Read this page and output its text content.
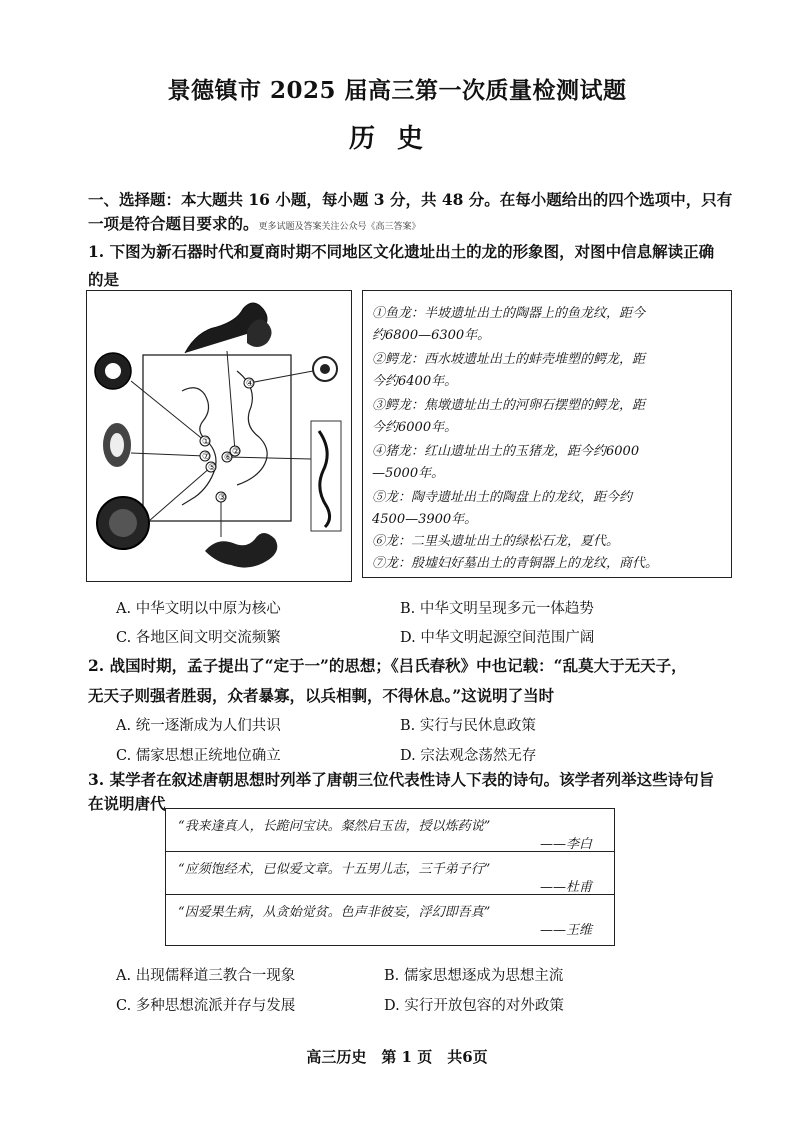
景德镇市 2025 届高三第一次质量检测试题
历史
一、选择题：本大题共 16 小题，每小题 3 分，共 48 分。在每小题给出的四个选项中，只有
一项是符合题目要求的。更多试题及答案关注公众号《高三答案》
1. 下图为新石器时代和夏商时期不同地区文化遗址出土的龙的形象图，对图中信息解读正确
的是
①
②
③
④
⑤
⑥
⑦
①鱼龙：半坡遗址出土的陶器上的鱼龙纹，距今
约6800—6300年。
②鳄龙：西水坡遗址出土的蚌壳堆塑的鳄龙，距
今约6400年。
③鳄龙：焦墩遗址出土的河卵石摆塑的鳄龙，距
今约6000年。
④猪龙：红山遗址出土的玉猪龙，距今约6000
—5000年。
⑤龙：陶寺遗址出土的陶盘上的龙纹，距今约
4500—3900年。
⑥龙：二里头遗址出土的绿松石龙，夏代。
⑦龙：殷墟妇好墓出土的青铜器上的龙纹，商代。
A. 中华文明以中原为核心	B. 中华文明呈现多元一体趋势
C. 各地区间文明交流频繁	D. 中华文明起源空间范围广阔
2. 战国时期，孟子提出了“定于一”的思想；《吕氏春秋》中也记载：“乱莫大于无天子，
无天子则强者胜弱，众者暴寡，以兵相剚，不得休息。”这说明了当时
A. 统一逐渐成为人们共识	B. 实行与民休息政策
C. 儒家思想正统地位确立	D. 宗法观念荡然无存
3. 某学者在叙述唐朝思想时列举了唐朝三位代表性诗人下表的诗句。该学者列举这些诗句旨
在说明唐代
“我来逢真人，长跪问宝诀。粲然启玉齿，授以炼药说”
——李白
“应须饱经术，已似爱文章。十五男儿志，三千弟子行”
——杜甫
“因爱果生病，从贪始觉贫。色声非彼妄，浮幻即吾真”
——王维
A. 出现儒释道三教合一现象	B. 儒家思想逐成为思想主流
C. 多种思想流派并存与发展	D. 实行开放包容的对外政策
高三历史　第 1 页　共6页
